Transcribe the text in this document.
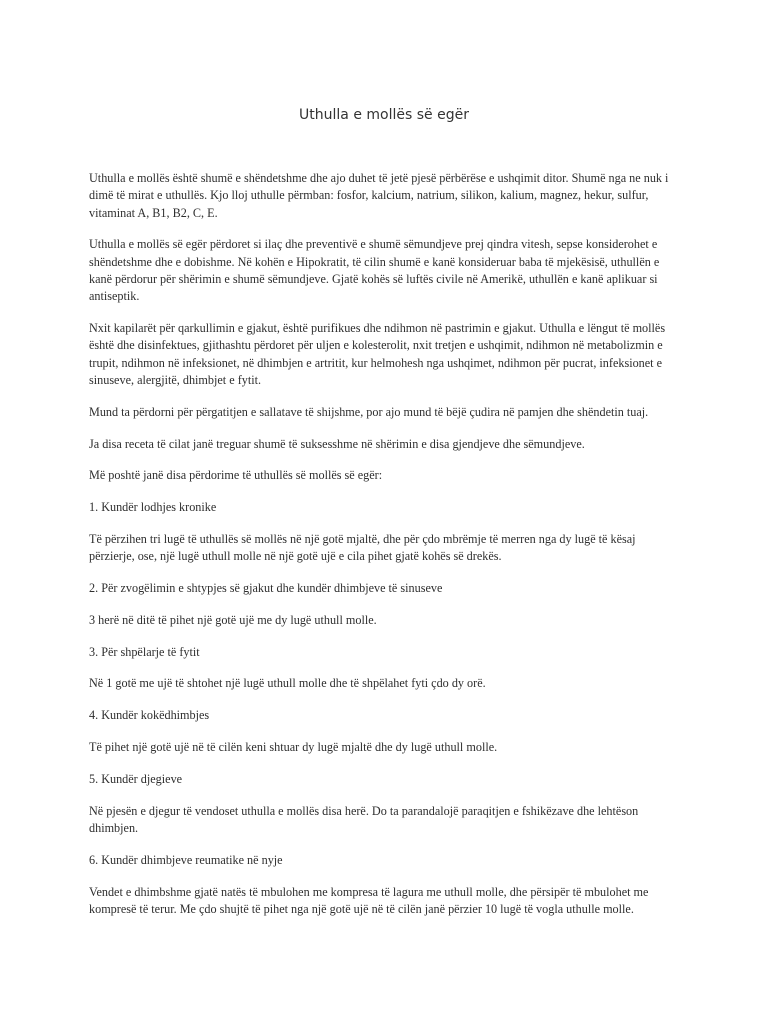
Uthulla e mollës së egër

Uthulla e mollës është shumë e shëndetshme dhe ajo duhet të jetë pjesë përbërëse e ushqimit ditor. Shumë nga ne nuk i dimë të mirat e uthullës. Kjo lloj uthulle përmban: fosfor, kalcium, natrium, silikon, kalium, magnez, hekur, sulfur, vitaminat A, B1, B2, C, E.

Uthulla e mollës së egër përdoret si ilaç dhe preventivë e shumë sëmundjeve prej qindra vitesh, sepse konsiderohet e shëndetshme dhe e dobishme. Në kohën e Hipokratit, të cilin shumë e kanë konsideruar baba të mjekësisë, uthullën e kanë përdorur për shërimin e shumë sëmundjeve. Gjatë kohës së luftës civile në Amerikë, uthullën e kanë aplikuar si antiseptik.

Nxit kapilarët për qarkullimin e gjakut, është purifikues dhe ndihmon në pastrimin e gjakut. Uthulla e lëngut të mollës është dhe disinfektues, gjithashtu përdoret për uljen e kolesterolit, nxit tretjen e ushqimit, ndihmon në metabolizmin e trupit, ndihmon në infeksionet, në dhimbjen e artritit, kur helmohesh nga ushqimet, ndihmon për pucrat, infeksionet e sinuseve, alergjitë, dhimbjet e fytit.

Mund ta përdorni për përgatitjen e sallatave të shijshme, por ajo mund të bëjë çudira në pamjen dhe shëndetin tuaj.

Ja disa receta të cilat janë treguar shumë të suksesshme në shërimin e disa gjendjeve dhe sëmundjeve.

Më poshtë janë disa përdorime të uthullës së mollës së egër:

1. Kundër lodhjes kronike

Të përzihen tri lugë të uthullës së mollës në një gotë mjaltë, dhe për çdo mbrëmje të merren nga dy lugë të kësaj përzierje, ose, një lugë uthull molle në një gotë ujë e cila pihet gjatë kohës së drekës.

2. Për zvogëlimin e shtypjes së gjakut dhe kundër dhimbjeve të sinuseve

3 herë në ditë të pihet një gotë ujë me dy lugë uthull molle.

3. Për shpëlarje të fytit

Në 1 gotë me ujë të shtohet një lugë uthull molle dhe të shpëlahet fyti çdo dy orë.

4. Kundër kokëdhimbjes

Të pihet një gotë ujë në të cilën keni shtuar dy lugë mjaltë dhe dy lugë uthull molle.

5. Kundër djegieve

Në pjesën e djegur të vendoset uthulla e mollës disa herë. Do ta parandalojë paraqitjen e fshikëzave dhe lehtëson dhimbjen.

6. Kundër dhimbjeve reumatike në nyje

Vendet e dhimbshme gjatë natës të mbulohen me kompresa të lagura me uthull molle, dhe përsipër të mbulohet me kompresë të terur. Me çdo shujtë të pihet nga një gotë ujë në të cilën janë përzier 10 lugë të vogla uthulle molle.
